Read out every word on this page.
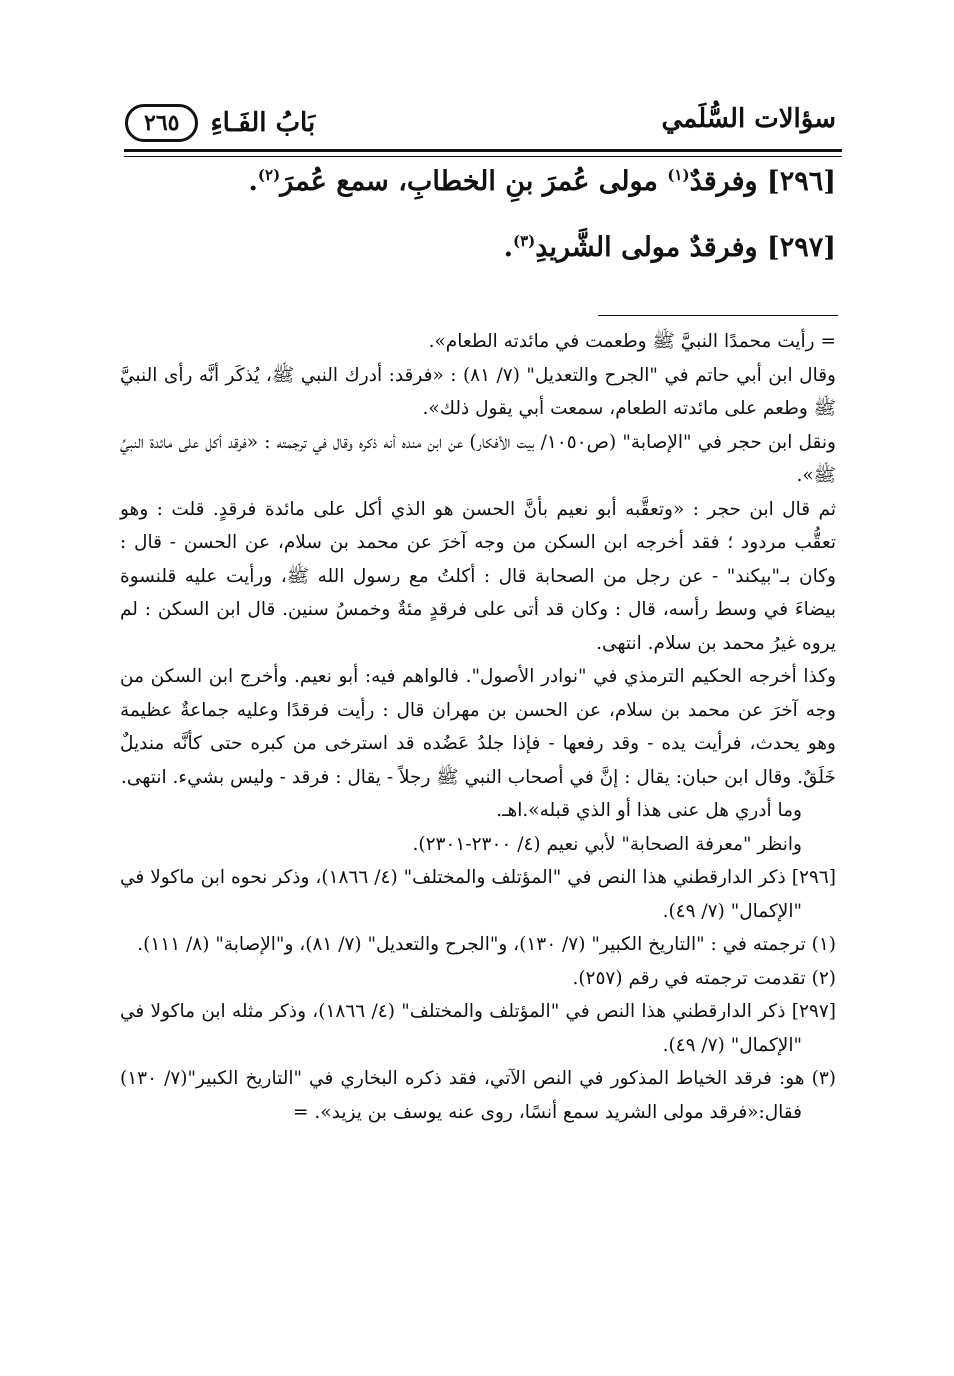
سؤالات السُّلَمي
بَابُ الفَـاءِ
٢٦٥
[٢٩٦] وفرقدٌ$^{(١)}$ مولى عُمرَ بنِ الخطابِ، سمع عُمرَ$^{(٢)}$.
[٢٩٧] وفرقدٌ مولى الشَّريدِ$^{(٣)}$.

= رأيت محمدًا النبيَّ ﷺ وطعمت في مائدته الطعام».

وقال ابن أبي حاتم في "الجرح والتعديل" (٧/ ٨١) : «فرقد: أدرك النبي ﷺ، يُذكَر أنَّه رأى النبيَّ ﷺ وطعم على مائدته الطعام، سمعت أبي يقول ذلك».

ونقل ابن حجر في "الإصابة" (ص١٠٥٠/ بيت الأفكار) عن ابن منده أنه ذكره وقال في ترجمته : «فرقد أكل على مائدة النبيِّ ﷺ».

ثم قال ابن حجر : «وتعقَّبه أبو نعيم بأنَّ الحسن هو الذي أكل على مائدة فرقدٍ. قلت : وهو تعقُّب مردود ؛ فقد أخرجه ابن السكن من وجه آخرَ عن محمد بن سلام، عن الحسن - قال : وكان بـ"بيكند" - عن رجل من الصحابة قال : أكلتُ مع رسول الله ﷺ، ورأيت عليه قلنسوة بيضاءَ في وسط رأسه، قال : وكان قد أتى على فرقدٍ مئةٌ وخمسُ سنين. قال ابن السكن : لم يروه غيرُ محمد بن سلام. انتهى.

وكذا أخرجه الحكيم الترمذي في "نوادر الأصول". فالواهم فيه: أبو نعيم. وأخرج ابن السكن من وجه آخرَ عن محمد بن سلام، عن الحسن بن مهران قال : رأيت فرقدًا وعليه جماعةٌ عظيمة وهو يحدث، فرأيت يده - وقد رفعها - فإذا جلدُ عَضُده قد استرخى من كبره حتى كأنَّه منديلٌ خَلَقٌ. وقال ابن حبان: يقال : إنَّ في أصحاب النبي ﷺ رجلاً - يقال : فرقد - وليس بشيء. انتهى.

وما أدري هل عنى هذا أو الذي قبله».اهـ.

وانظر "معرفة الصحابة" لأبي نعيم (٤/ ٢٣٠٠-٢٣٠١).

[٢٩٦] ذكر الدارقطني هذا النص في "المؤتلف والمختلف" (٤/ ١٨٦٦)، وذكر نحوه ابن ماكولا في "الإكمال" (٧/ ٤٩).

(١) ترجمته في : "التاريخ الكبير" (٧/ ١٣٠)، و"الجرح والتعديل" (٧/ ٨١)، و"الإصابة" (٨/ ١١١).

(٢) تقدمت ترجمته في رقم (٢٥٧).

[٢٩٧] ذكر الدارقطني هذا النص في "المؤتلف والمختلف" (٤/ ١٨٦٦)، وذكر مثله ابن ماكولا في "الإكمال" (٧/ ٤٩).

(٣) هو: فرقد الخياط المذكور في النص الآتي، فقد ذكره البخاري في "التاريخ الكبير"(٧/ ١٣٠) فقال:«فرقد مولى الشريد سمع أنسًا، روى عنه يوسف بن يزيد». =
